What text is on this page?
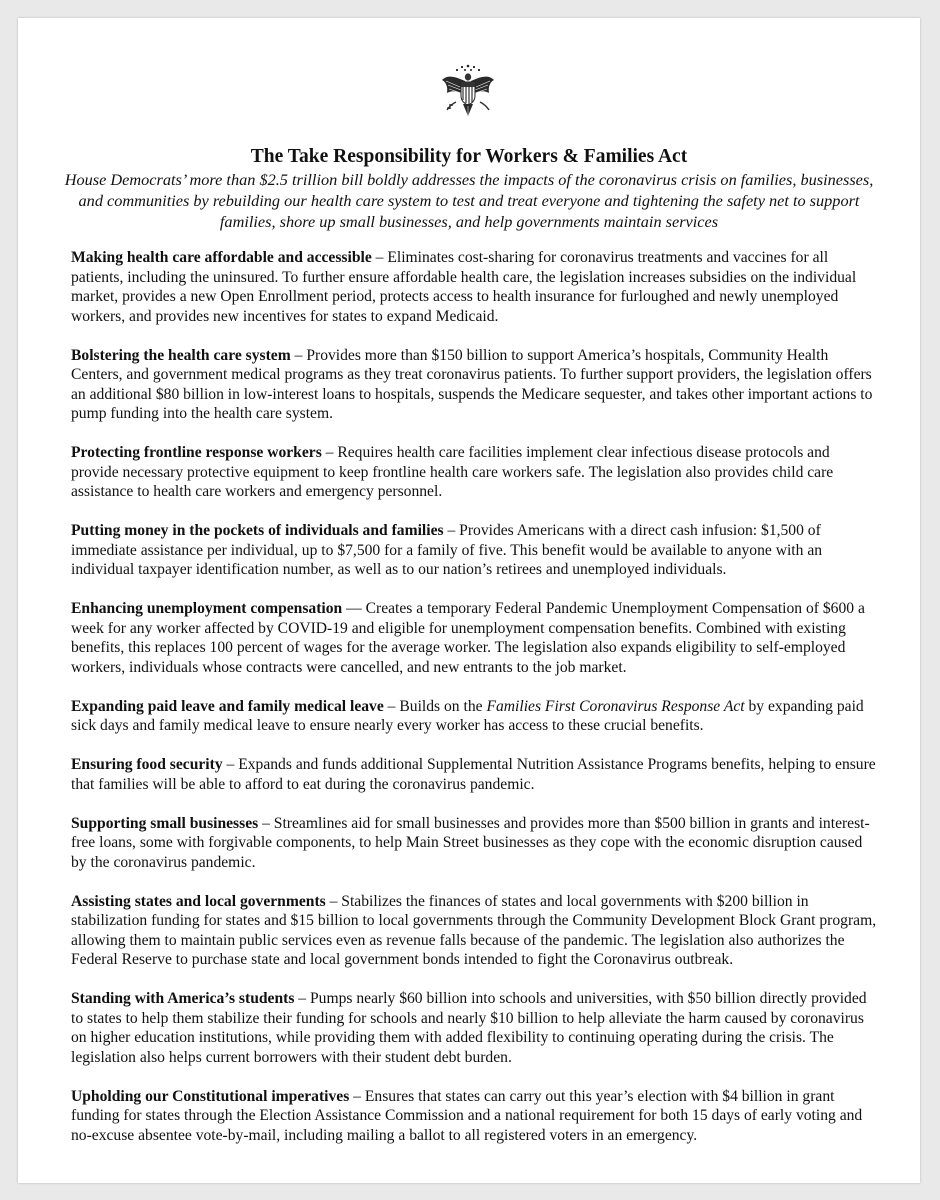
The Take Responsibility for Workers & Families Act
House Democrats’ more than $2.5 trillion bill boldly addresses the impacts of the coronavirus crisis on families, businesses, and communities by rebuilding our health care system to test and treat everyone and tightening the safety net to support families, shore up small businesses, and help governments maintain services

Making health care affordable and accessible – Eliminates cost-sharing for coronavirus treatments and vaccines for all patients, including the uninsured. To further ensure affordable health care, the legislation increases subsidies on the individual market, provides a new Open Enrollment period, protects access to health insurance for furloughed and newly unemployed workers, and provides new incentives for states to expand Medicaid.

Bolstering the health care system – Provides more than $150 billion to support America’s hospitals, Community Health Centers, and government medical programs as they treat coronavirus patients. To further support providers, the legislation offers an additional $80 billion in low-interest loans to hospitals, suspends the Medicare sequester, and takes other important actions to pump funding into the health care system.

Protecting frontline response workers – Requires health care facilities implement clear infectious disease protocols and provide necessary protective equipment to keep frontline health care workers safe. The legislation also provides child care assistance to health care workers and emergency personnel.

Putting money in the pockets of individuals and families – Provides Americans with a direct cash infusion: $1,500 of immediate assistance per individual, up to $7,500 for a family of five. This benefit would be available to anyone with an individual taxpayer identification number, as well as to our nation’s retirees and unemployed individuals.

Enhancing unemployment compensation — Creates a temporary Federal Pandemic Unemployment Compensation of $600 a week for any worker affected by COVID-19 and eligible for unemployment compensation benefits. Combined with existing benefits, this replaces 100 percent of wages for the average worker. The legislation also expands eligibility to self-employed workers, individuals whose contracts were cancelled, and new entrants to the job market.

Expanding paid leave and family medical leave – Builds on the Families First Coronavirus Response Act by expanding paid sick days and family medical leave to ensure nearly every worker has access to these crucial benefits.

Ensuring food security – Expands and funds additional Supplemental Nutrition Assistance Programs benefits, helping to ensure that families will be able to afford to eat during the coronavirus pandemic.

Supporting small businesses – Streamlines aid for small businesses and provides more than $500 billion in grants and interest-free loans, some with forgivable components, to help Main Street businesses as they cope with the economic disruption caused by the coronavirus pandemic.

Assisting states and local governments – Stabilizes the finances of states and local governments with $200 billion in stabilization funding for states and $15 billion to local governments through the Community Development Block Grant program, allowing them to maintain public services even as revenue falls because of the pandemic. The legislation also authorizes the Federal Reserve to purchase state and local government bonds intended to fight the Coronavirus outbreak.

Standing with America’s students – Pumps nearly $60 billion into schools and universities, with $50 billion directly provided to states to help them stabilize their funding for schools and nearly $10 billion to help alleviate the harm caused by coronavirus on higher education institutions, while providing them with added flexibility to continuing operating during the crisis. The legislation also helps current borrowers with their student debt burden.

Upholding our Constitutional imperatives – Ensures that states can carry out this year’s election with $4 billion in grant funding for states through the Election Assistance Commission and a national requirement for both 15 days of early voting and no-excuse absentee vote-by-mail, including mailing a ballot to all registered voters in an emergency.
